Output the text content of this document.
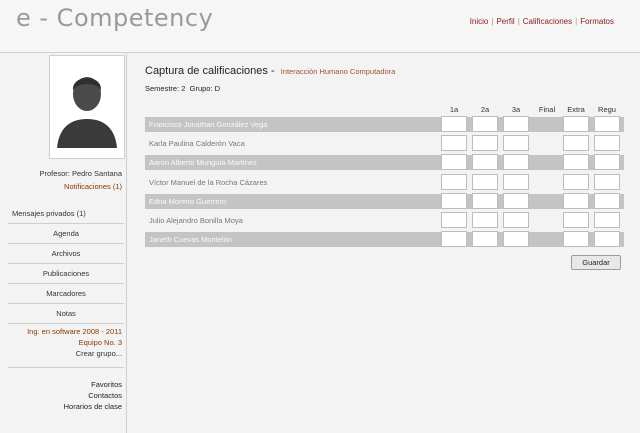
e - Competency	Inicio | Perfil | Calificaciones | Formatos
Profesor: Pedro Santana
Notificaciones (1)
Mensajes privados (1)
Agenda
Archivos
Publicaciones
Marcadores
Notas
Ing. en software 2008 - 2011
Equipo No. 3
Crear grupo...
Favoritos
Contactos
Horarios de clase
Captura de calificaciones - Interacción Humano Computadora
Semestre: 2 Grupo: D
1a	2a	3a	Final	Extra	Regu
Francisco Jonathan González Vega
Karla Paulina Calderón Vaca
Aarón Alberto Munguía Martínez
Víctor Manuel de la Rocha Cázares
Edna Moreno Guerrero
Julio Alejandro Bonilla Moya
Janeth Cuevas Montelón
Guardar
